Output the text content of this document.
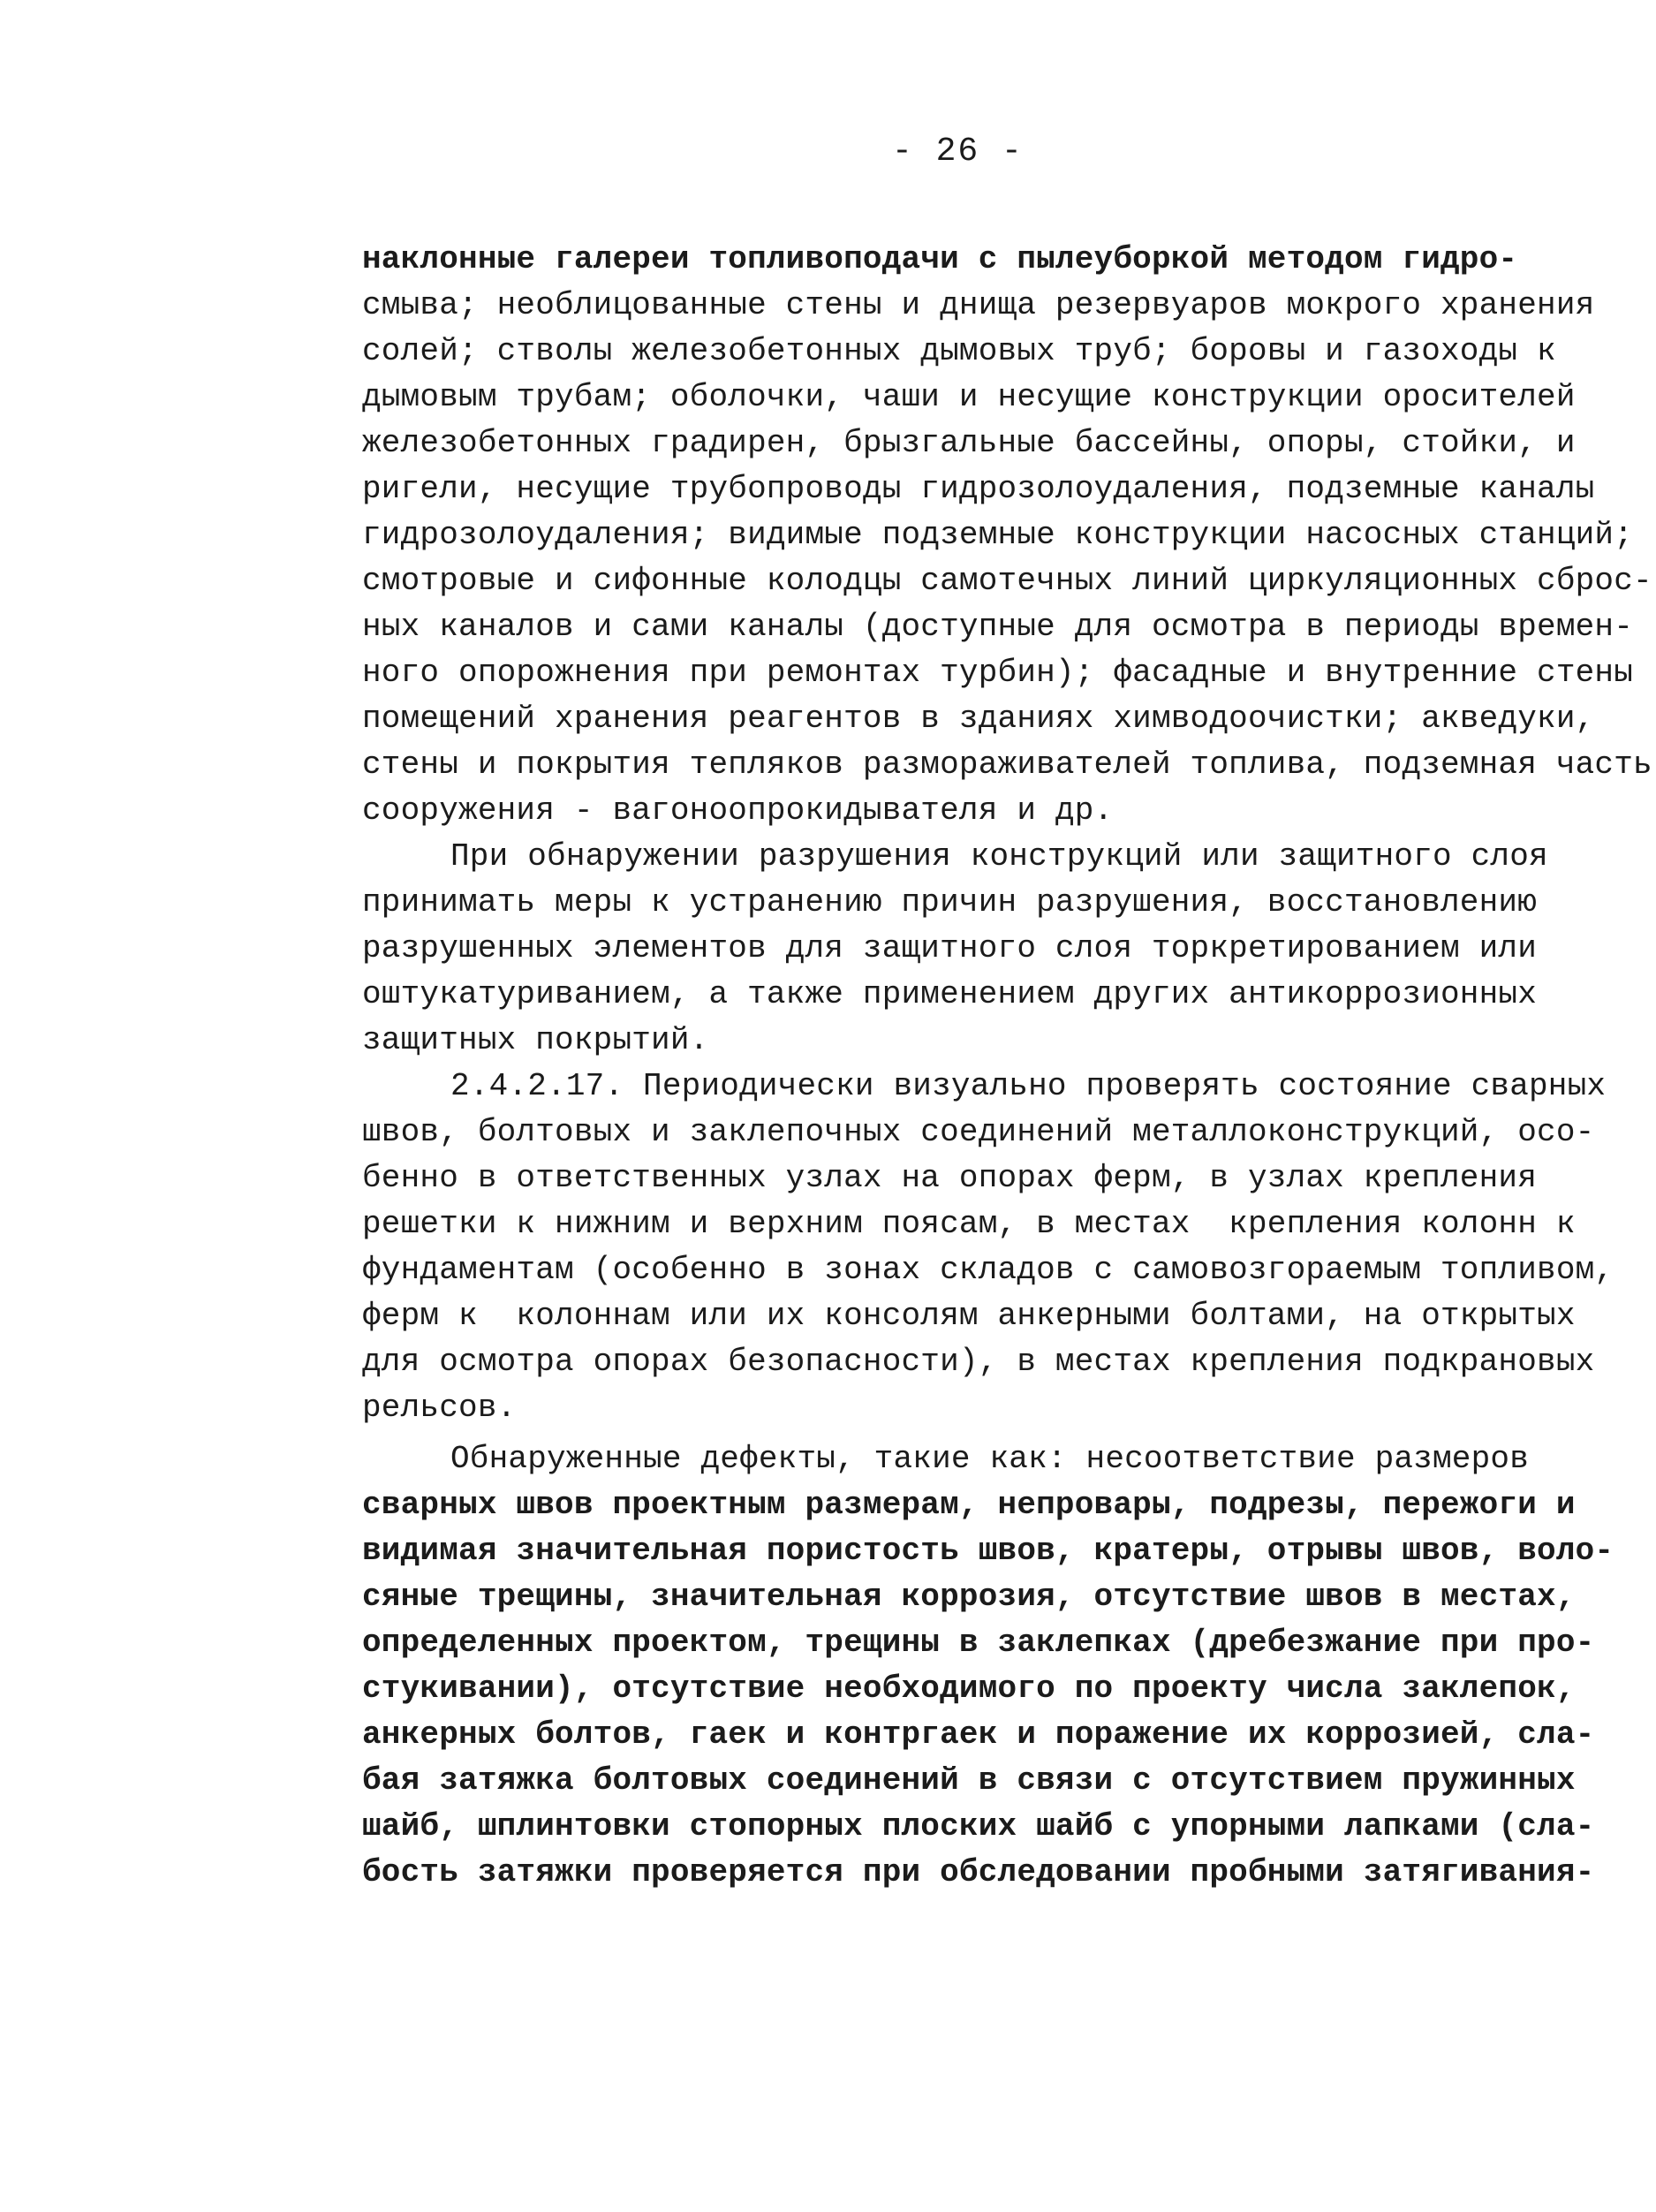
- 26 -
наклонные галереи топливоподачи с пылеуборкой методом гидро-
смыва; необлицованные стены и днища резервуаров мокрого хранения
солей; стволы железобетонных дымовых труб; боровы и газоходы к
дымовым трубам; оболочки, чаши и несущие конструкции оросителей
железобетонных градирен, брызгальные бассейны, опоры, стойки, и
ригели, несущие трубопроводы гидрозолоудаления, подземные каналы
гидрозолоудаления; видимые подземные конструкции насосных станций;
смотровые и сифонные колодцы самотечных линий циркуляционных сброс-
ных каналов и сами каналы (доступные для осмотра в периоды времен-
ного опорожнения при ремонтах турбин); фасадные и внутренние стены
помещений хранения реагентов в зданиях химводоочистки; акведуки,
стены и покрытия тепляков размораживателей топлива, подземная часть
сооружения - вагоноопрокидывателя и др.
При обнаружении разрушения конструкций или защитного слоя
принимать меры к устранению причин разрушения, восстановлению
разрушенных элементов для защитного слоя торкретированием или
оштукатуриванием, а также применением других антикоррозионных
защитных покрытий.
2.4.2.17. Периодически визуально проверять состояние сварных
швов, болтовых и заклепочных соединений металлоконструкций, осо-
бенно в ответственных узлах на опорах ферм, в узлах крепления
решетки к нижним и верхним поясам, в местах  крепления колонн к
фундаментам (особенно в зонах складов с самовозгораемым топливом,
ферм к  колоннам или их консолям анкерными болтами, на открытых
для осмотра опорах безопасности), в местах крепления подкрановых
рельсов.
Обнаруженные дефекты, такие как: несоответствие размеров
сварных швов проектным размерам, непровары, подрезы, пережоги и
видимая значительная пористость швов, кратеры, отрывы швов, воло-
сяные трещины, значительная коррозия, отсутствие швов в местах,
определенных проектом, трещины в заклепках (дребезжание при про-
стукивании), отсутствие необходимого по проекту числа заклепок,
анкерных болтов, гаек и контргаек и поражение их коррозией, сла-
бая затяжка болтовых соединений в связи с отсутствием пружинных
шайб, шплинтовки стопорных плоских шайб с упорными лапками (сла-
бость затяжки проверяется при обследовании пробными затягивания-
